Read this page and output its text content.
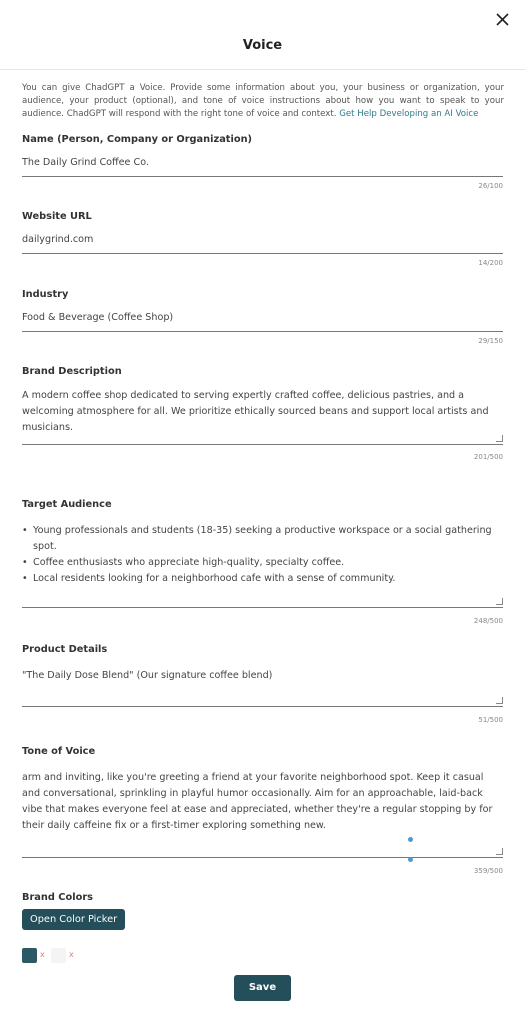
Voice
You can give ChadGPT a Voice. Provide some information about you, your business or organization, your audience, your product (optional), and tone of voice instructions about how you want to speak to your audience. ChadGPT will respond with the right tone of voice and context. Get Help Developing an AI Voice
Name (Person, Company or Organization)
The Daily Grind Coffee Co.
26/100
Website URL
dailygrind.com
14/200
Industry
Food & Beverage (Coffee Shop)
29/150
Brand Description
A modern coffee shop dedicated to serving expertly crafted coffee, delicious pastries, and a welcoming atmosphere for all. We prioritize ethically sourced beans and support local artists and musicians.
201/500
Target Audience
• Young professionals and students (18-35) seeking a productive workspace or a social gathering spot.
• Coffee enthusiasts who appreciate high-quality, specialty coffee.
• Local residents looking for a neighborhood cafe with a sense of community.
248/500
Product Details
"The Daily Dose Blend" (Our signature coffee blend)
51/500
Tone of Voice
arm and inviting, like you're greeting a friend at your favorite neighborhood spot. Keep it casual and conversational, sprinkling in playful humor occasionally. Aim for an approachable, laid-back vibe that makes everyone feel at ease and appreciated, whether they're a regular stopping by for their daily caffeine fix or a first-timer exploring something new.
359/500
Brand Colors
Open Color Picker
x	x
Save
